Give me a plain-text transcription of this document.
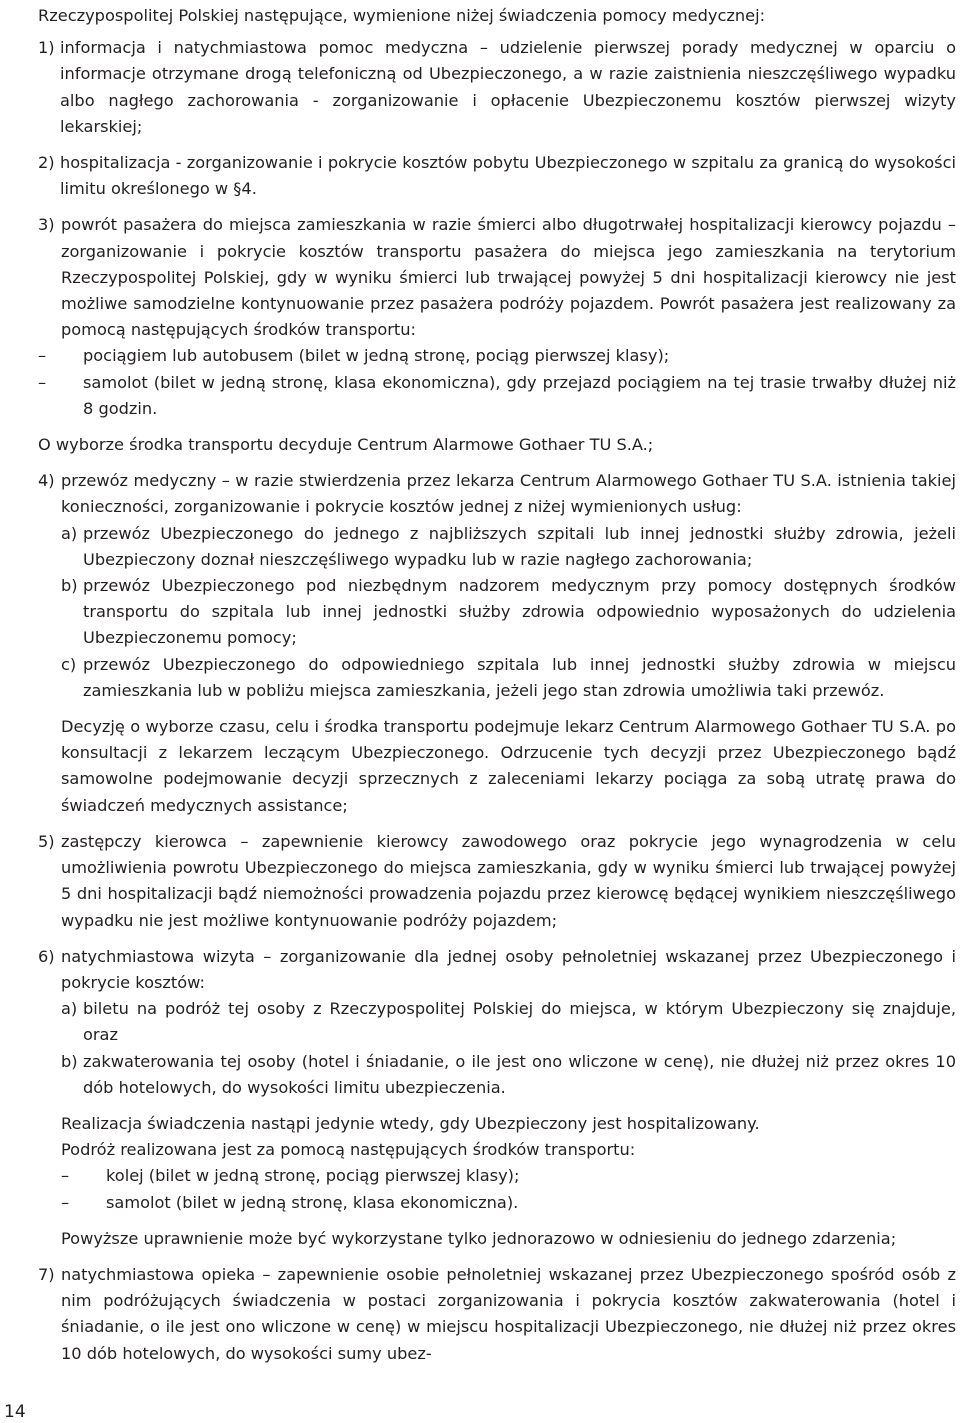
Rzeczypospolitej Polskiej następujące, wymienione niżej świadczenia pomocy medycznej:
1) informacja i natychmiastowa pomoc medyczna – udzielenie pierwszej porady medycznej w oparciu o informacje otrzymane drogą telefoniczną od Ubezpieczonego, a w razie zaistnienia nieszczęśliwego wypadku albo nagłego zachorowania - zorganizowanie i opłacenie Ubezpieczonemu kosztów pierwszej wizyty lekarskiej;
2) hospitalizacja - zorganizowanie i pokrycie kosztów pobytu Ubezpieczonego w szpitalu za granicą do wysokości limitu określonego w §4.
3) powrót pasażera do miejsca zamieszkania w razie śmierci albo długotrwałej hospitalizacji kierowcy pojazdu – zorganizowanie i pokrycie kosztów transportu pasażera do miejsca jego zamieszkania na terytorium Rzeczypospolitej Polskiej, gdy w wyniku śmierci lub trwającej powyżej 5 dni hospitalizacji kierowcy nie jest możliwe samodzielne kontynuowanie przez pasażera podróży pojazdem. Powrót pasażera jest realizowany za pomocą następujących środków transportu:
– pociągiem lub autobusem (bilet w jedną stronę, pociąg pierwszej klasy);
– samolot (bilet w jedną stronę, klasa ekonomiczna), gdy przejazd pociągiem na tej trasie trwałby dłużej niż 8 godzin.
O wyborze środka transportu decyduje Centrum Alarmowe Gothaer TU S.A.;
4) przewóz medyczny – w razie stwierdzenia przez lekarza Centrum Alarmowego Gothaer TU S.A. istnienia takiej konieczności, zorganizowanie i pokrycie kosztów jednej z niżej wymienionych usług:
a) przewóz Ubezpieczonego do jednego z najbliższych szpitali lub innej jednostki służby zdrowia, jeżeli Ubezpieczony doznał nieszczęśliwego wypadku lub w razie nagłego zachorowania;
b) przewóz Ubezpieczonego pod niezbędnym nadzorem medycznym przy pomocy dostępnych środków transportu do szpitala lub innej jednostki służby zdrowia odpowiednio wyposażonych do udzielenia Ubezpieczonemu pomocy;
c) przewóz Ubezpieczonego do odpowiedniego szpitala lub innej jednostki służby zdrowia w miejscu zamieszkania lub w pobliżu miejsca zamieszkania, jeżeli jego stan zdrowia umożliwia taki przewóz.
Decyzję o wyborze czasu, celu i środka transportu podejmuje lekarz Centrum Alarmowego Gothaer TU S.A. po konsultacji z lekarzem leczącym Ubezpieczonego. Odrzucenie tych decyzji przez Ubezpieczonego bądź samowolne podejmowanie decyzji sprzecznych z zaleceniami lekarzy pociąga za sobą utratę prawa do świadczeń medycznych assistance;
5) zastępczy kierowca – zapewnienie kierowcy zawodowego oraz pokrycie jego wynagrodzenia w celu umożliwienia powrotu Ubezpieczonego do miejsca zamieszkania, gdy w wyniku śmierci lub trwającej powyżej 5 dni hospitalizacji bądź niemożności prowadzenia pojazdu przez kierowcę będącej wynikiem nieszczęśliwego wypadku nie jest możliwe kontynuowanie podróży pojazdem;
6) natychmiastowa wizyta – zorganizowanie dla jednej osoby pełnoletniej wskazanej przez Ubezpieczonego i pokrycie kosztów:
a) biletu na podróż tej osoby z Rzeczypospolitej Polskiej do miejsca, w którym Ubezpieczony się znajduje, oraz
b) zakwaterowania tej osoby (hotel i śniadanie, o ile jest ono wliczone w cenę), nie dłużej niż przez okres 10 dób hotelowych, do wysokości limitu ubezpieczenia.
Realizacja świadczenia nastąpi jedynie wtedy, gdy Ubezpieczony jest hospitalizowany.
Podróż realizowana jest za pomocą następujących środków transportu:
– kolej (bilet w jedną stronę, pociąg pierwszej klasy);
– samolot (bilet w jedną stronę, klasa ekonomiczna).
Powyższe uprawnienie może być wykorzystane tylko jednorazowo w odniesieniu do jednego zdarzenia;
7) natychmiastowa opieka – zapewnienie osobie pełnoletniej wskazanej przez Ubezpieczonego spośród osób z nim podróżujących świadczenia w postaci zorganizowania i pokrycia kosztów zakwaterowania (hotel i śniadanie, o ile jest ono wliczone w cenę) w miejscu hospitalizacji Ubezpieczonego, nie dłużej niż przez okres 10 dób hotelowych, do wysokości sumy ubez-
14
